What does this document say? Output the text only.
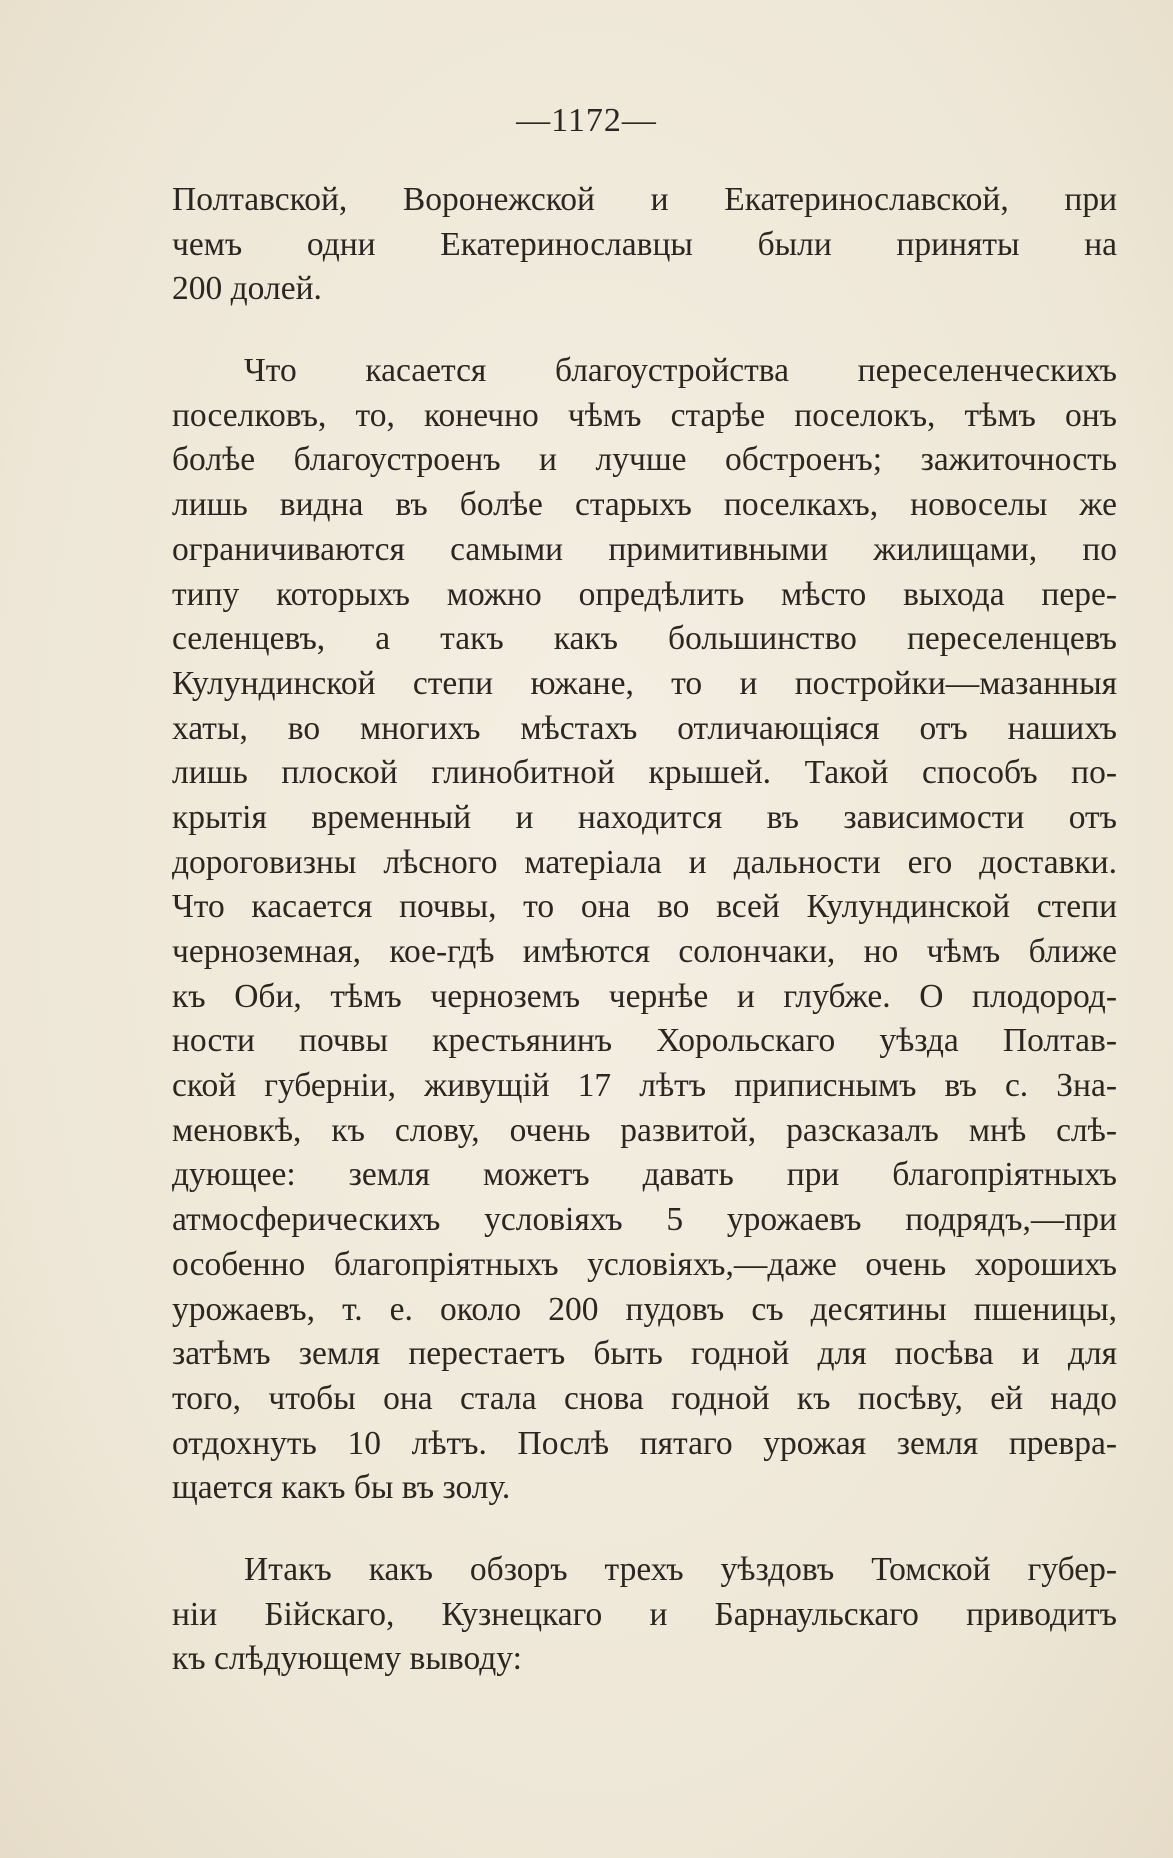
—1172—
Полтавской, Воронежской и Екатеринославской, при
чемъ одни Екатеринославцы были приняты на
200 долей.
Что касается благоустройства переселенческихъ
поселковъ, то, конечно чѣмъ старѣе поселокъ, тѣмъ онъ
болѣе благоустроенъ и лучше обстроенъ; зажиточность
лишь видна въ болѣе старыхъ поселкахъ, новоселы же
ограничиваются самыми примитивными жилищами, по
типу которыхъ можно опредѣлить мѣсто выхода пере-
селенцевъ, а такъ какъ большинство переселенцевъ
Кулундинской степи южане, то и постройки—мазанныя
хаты, во многихъ мѣстахъ отличающіяся отъ нашихъ
лишь плоской глинобитной крышей. Такой способъ по-
крытія временный и находится въ зависимости отъ
дороговизны лѣсного матеріала и дальности его доставки.
Что касается почвы, то она во всей Кулундинской степи
черноземная, кое-гдѣ имѣются солончаки, но чѣмъ ближе
къ Оби, тѣмъ черноземъ чернѣе и глубже. О плодород-
ности почвы крестьянинъ Хорольскаго уѣзда Полтав-
ской губерніи, живущій 17 лѣтъ приписнымъ въ с. Зна-
меновкѣ, къ слову, очень развитой, разсказалъ мнѣ слѣ-
дующее: земля можетъ давать при благопріятныхъ
атмосферическихъ условіяхъ 5 урожаевъ подрядъ,—при
особенно благопріятныхъ условіяхъ,—даже очень хорошихъ
урожаевъ, т. е. около 200 пудовъ съ десятины пшеницы,
затѣмъ земля перестаетъ быть годной для посѣва и для
того, чтобы она стала снова годной къ посѣву, ей надо
отдохнуть 10 лѣтъ. Послѣ пятаго урожая земля превра-
щается какъ бы въ золу.
Итакъ какъ обзоръ трехъ уѣздовъ Томской губер-
ніи Бійскаго, Кузнецкаго и Барнаульскаго приводитъ
къ слѣдующему выводу:
